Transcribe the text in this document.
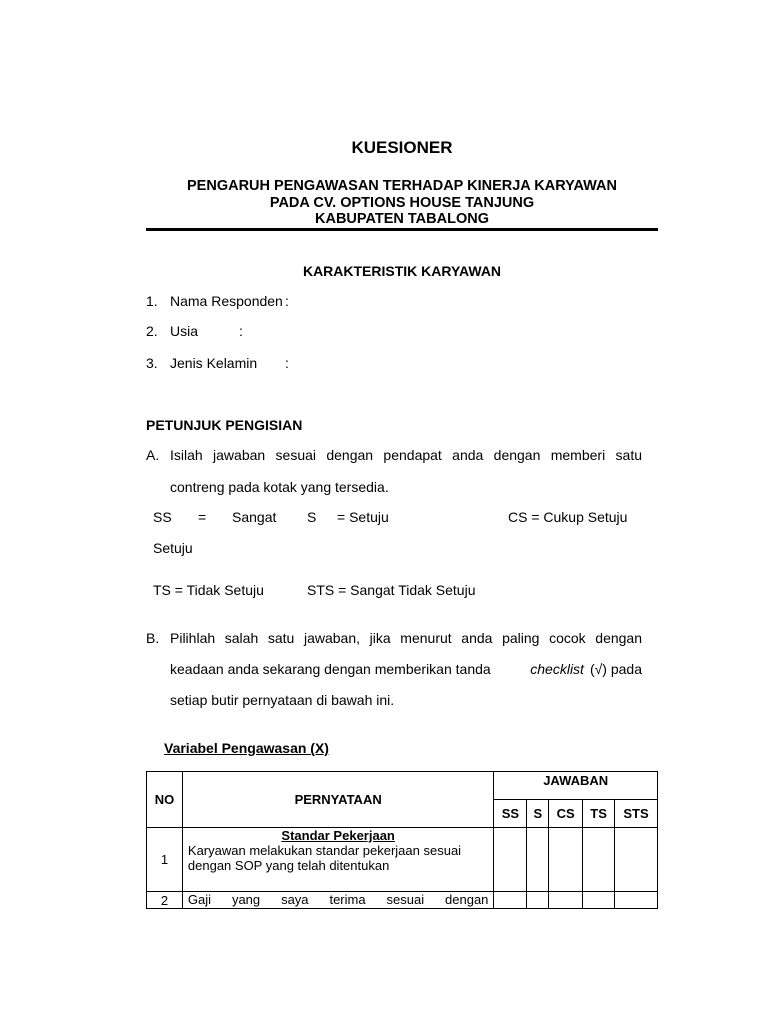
KUESIONER
PENGARUH PENGAWASAN TERHADAP KINERJA KARYAWAN
PADA CV. OPTIONS HOUSE TANJUNG
KABUPATEN TABALONG
KARAKTERISTIK KARYAWAN
1. Nama Responden :
2. Usia	:
3. Jenis Kelamin :
PETUNJUK PENGISIAN
A. Isilah jawaban sesuai dengan pendapat anda dengan memberi satu
contreng pada kotak yang tersedia.
SS = Sangat S = Setuju	CS = Cukup Setuju
Setuju
TS = Tidak Setuju	STS = Sangat Tidak Setuju
B. Pilihlah salah satu jawaban, jika menurut anda paling cocok dengan
keadaan anda sekarang dengan memberikan tanda	checklist (√) pada
setiap butir pernyataan di bawah ini.
Variabel Pengawasan (X)
NO	PERNYATAAN	JAWABAN				
		SS	S	CS	TS	STS
1	Standar Pekerjaan
Karyawan melakukan standar pekerjaan sesuai
dengan SOP yang telah ditentukan					

2	Gaji yang saya terima sesuai dengan					
